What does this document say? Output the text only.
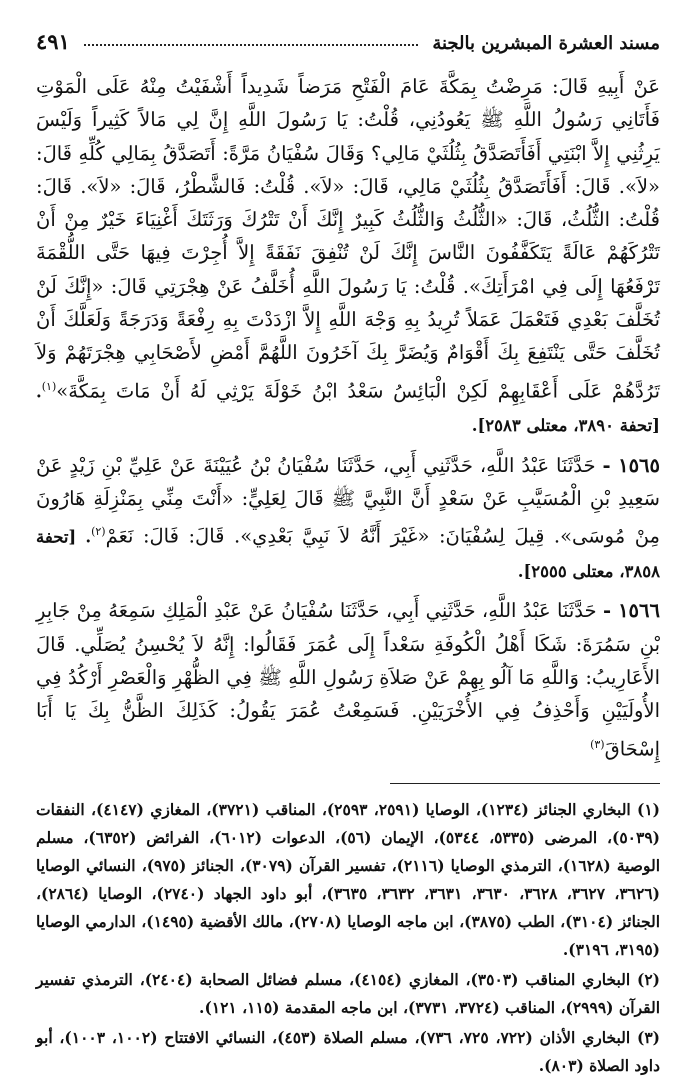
مسند العشرة المبشرين بالجنة
٤٩١

عَنْ أَبِيهِ قَالَ: مَرِضْتُ بِمَكَّةَ عَامَ الْفَتْحِ مَرَضاً شَدِيداً أَشْفَيْتُ مِنْهُ عَلَى الْمَوْتِ فَأَتَانِي رَسُولُ اللَّهِ ﷺ يَعُودُنِي، قُلْتُ: يَا رَسُولَ اللَّهِ إِنَّ لِي مَالاً كَثِيراً وَلَيْسَ يَرِثُنِي إِلاَّ ابْنَتِي أَفَأَتَصَدَّقُ بِثُلُثَيْ مَالِي؟ وَقَالَ سُفْيَانُ مَرَّةً: أَتَصَدَّقُ بِمَالِي كُلِّهِ قَالَ: «لاَ». قَالَ: أَفَأَتَصَدَّقُ بِثُلُثَيْ مَالِي، قَالَ: «لاَ». قُلْتُ: فَالشَّطْرُ، قَالَ: «لاَ». قَالَ: قُلْتُ: الثُّلُثُ، قَالَ: «الثُّلُثُ وَالثُّلُثُ كَبِيرٌ إِنَّكَ أَنْ تَتْرُكَ وَرَثَتَكَ أَغْنِيَاءَ خَيْرٌ مِنْ أَنْ تَتْرُكَهُمْ عَالَةً يَتَكَفَّفُونَ النَّاسَ إِنَّكَ لَنْ تُنْفِقَ نَفَقَةً إِلاَّ أُجِرْتَ فِيهَا حَتَّى اللُّقْمَةَ تَرْفَعُهَا إِلَى فِي امْرَأَتِكَ». قُلْتُ: يَا رَسُولَ اللَّهِ أُخَلَّفُ عَنْ هِجْرَتِي قَالَ: «إِنَّكَ لَنْ تُخَلَّفَ بَعْدِي فَتَعْمَلَ عَمَلاً تُرِيدُ بِهِ وَجْهَ اللَّهِ إِلاَّ ازْدَدْتَ بِهِ رِفْعَةً وَدَرَجَةً وَلَعَلَّكَ أَنْ تُخَلَّفَ حَتَّى يَنْتَفِعَ بِكَ أَقْوَامٌ وَيُضَرَّ بِكَ آخَرُونَ اللَّهُمَّ أَمْضِ لأَصْحَابِي هِجْرَتَهُمْ وَلاَ تَرُدَّهُمْ عَلَى أَعْقَابِهِمْ لَكِنْ الْبَائِسُ سَعْدُ ابْنُ خَوْلَةَ يَرْثِي لَهُ أَنْ مَاتَ بِمَكَّةَ»$^{(١)}$. [تحفة ٣٨٩٠، معتلى ٢٥٨٣].

١٥٦٥ - حَدَّثَنَا عَبْدُ اللَّهِ، حَدَّثَنِي أَبِي، حَدَّثَنَا سُفْيَانُ بْنُ عُيَيْنَةَ عَنْ عَلِيِّ بْنِ زَيْدٍ عَنْ سَعِيدِ بْنِ الْمُسَيَّبِ عَنْ سَعْدٍ أَنَّ النَّبِيَّ ﷺ قَالَ لِعَلِيٍّ: «أَنْتَ مِنِّي بِمَنْزِلَةِ هَارُونَ مِنْ مُوسَى». قِيلَ لِسُفْيَانَ: «غَيْرَ أَنَّهُ لاَ نَبِيَّ بَعْدِي». قَالَ: فَالَ: نَعَمْ$^{(٢)}$. [تحفة ٣٨٥٨، معتلى ٢٥٥٥].

١٥٦٦ - حَدَّثَنَا عَبْدُ اللَّهِ، حَدَّثَنِي أَبِي، حَدَّثَنَا سُفْيَانُ عَنْ عَبْدِ الْمَلِكِ سَمِعَهُ مِنْ جَابِرِ بْنِ سَمُرَةَ: شَكَا أَهْلُ الْكُوفَةِ سَعْداً إِلَى عُمَرَ فَقَالُوا: إِنَّهُ لاَ يُحْسِنُ يُصَلِّي. قَالَ الأَعَارِيبُ: وَاللَّهِ مَا آلُو بِهِمْ عَنْ صَلاَةِ رَسُولِ اللَّهِ ﷺ فِي الظُّهْرِ وَالْعَصْرِ أَرْكُدُ فِي الأُولَيَيْنِ وَأَحْذِفُ فِي الأُخْرَيَيْنِ. فَسَمِعْتُ عُمَرَ يَقُولُ: كَذَلِكَ الظَّنُّ بِكَ يَا أَبَا إِسْحَاقَ$^{(٣)}$

(١) البخاري الجنائز (١٢٣٤)، الوصايا (٢٥٩١، ٢٥٩٣)، المناقب (٣٧٢١)، المغازي (٤١٤٧)، النفقات (٥٠٣٩)، المرضى (٥٣٣٥، ٥٣٤٤)، الإيمان (٥٦)، الدعوات (٦٠١٢)، الفرائض (٦٣٥٢)، مسلم الوصية (١٦٢٨)، الترمذي الوصايا (٢١١٦)، تفسير القرآن (٣٠٧٩)، الجنائز (٩٧٥)، النسائي الوصايا (٣٦٢٦، ٣٦٢٧، ٣٦٢٨، ٣٦٣٠، ٣٦٣١، ٣٦٣٢، ٣٦٣٥)، أبو داود الجهاد (٢٧٤٠)، الوصايا (٢٨٦٤)، الجنائز (٣١٠٤)، الطب (٣٨٧٥)، ابن ماجه الوصايا (٢٧٠٨)، مالك الأقضية (١٤٩٥)، الدارمي الوصايا (٣١٩٥، ٣١٩٦).

(٢) البخاري المناقب (٣٥٠٣)، المغازي (٤١٥٤)، مسلم فضائل الصحابة (٢٤٠٤)، الترمذي تفسير القرآن (٢٩٩٩)، المناقب (٣٧٢٤، ٣٧٣١)، ابن ماجه المقدمة (١١٥، ١٢١).

(٣) البخاري الأذان (٧٢٢، ٧٢٥، ٧٣٦)، مسلم الصلاة (٤٥٣)، النسائي الافتتاح (١٠٠٢، ١٠٠٣)، أبو داود الصلاة (٨٠٣).
